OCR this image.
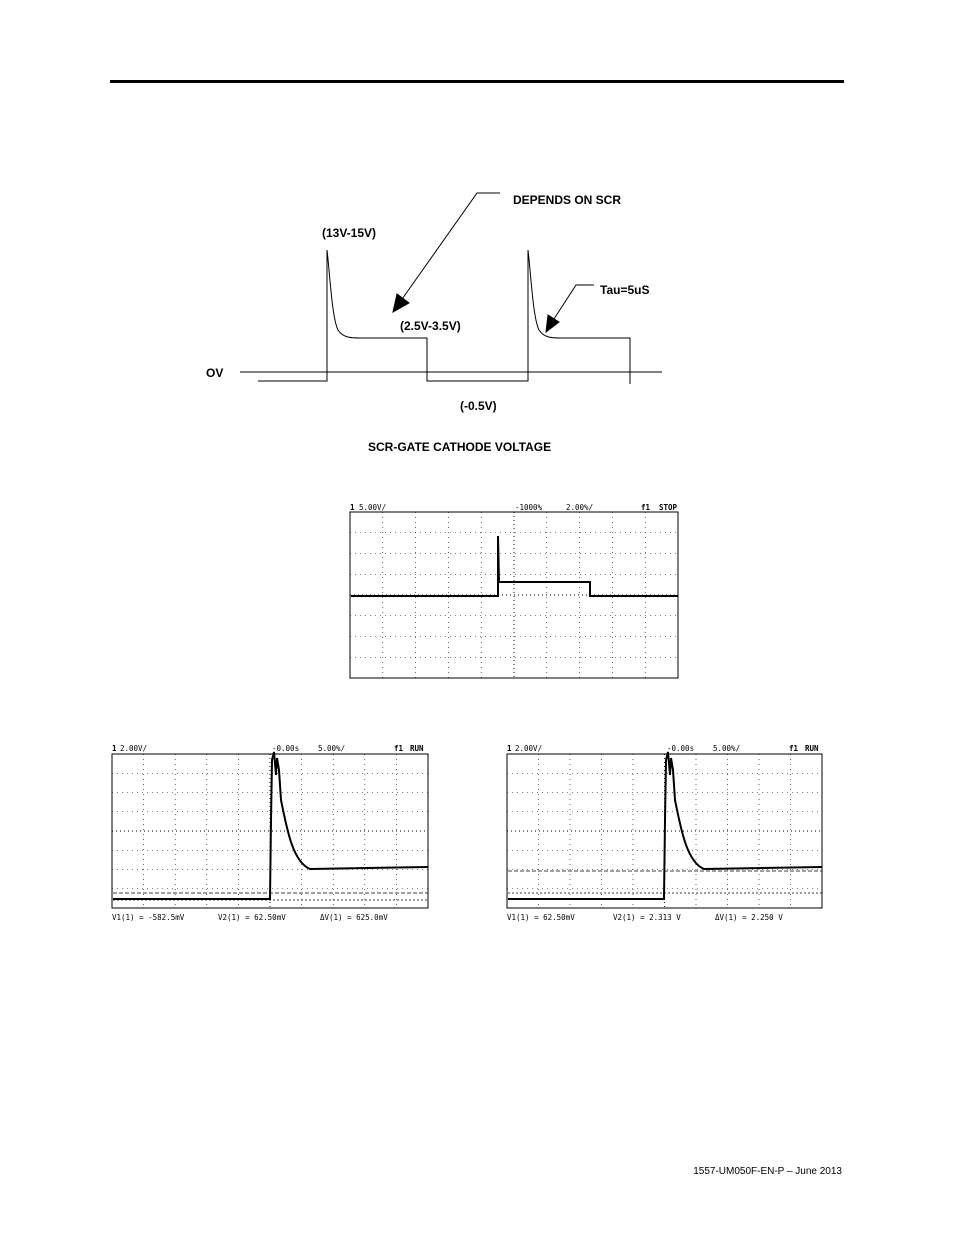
DEPENDS ON SCR
(13V-15V)
(2.5V-3.5V)
Tau=5uS
OV
(-0.5V)
SCR-GATE CATHODE VOLTAGE
1 5.00V/	-1000%	2.00%/	f1 STOP
1 2.00V/	-0.00s	5.00%/	f1 RUN
V1(1) = -582.5mV	V2(1) = 62.50mV	ΔV(1) = 625.0mV
1 2.00V/	-0.00s	5.00%/	f1 RUN
V1(1) = 62.50mV	V2(1) = 2.313 V	ΔV(1) = 2.250 V
1557-UM050F-EN-P – June 2013
